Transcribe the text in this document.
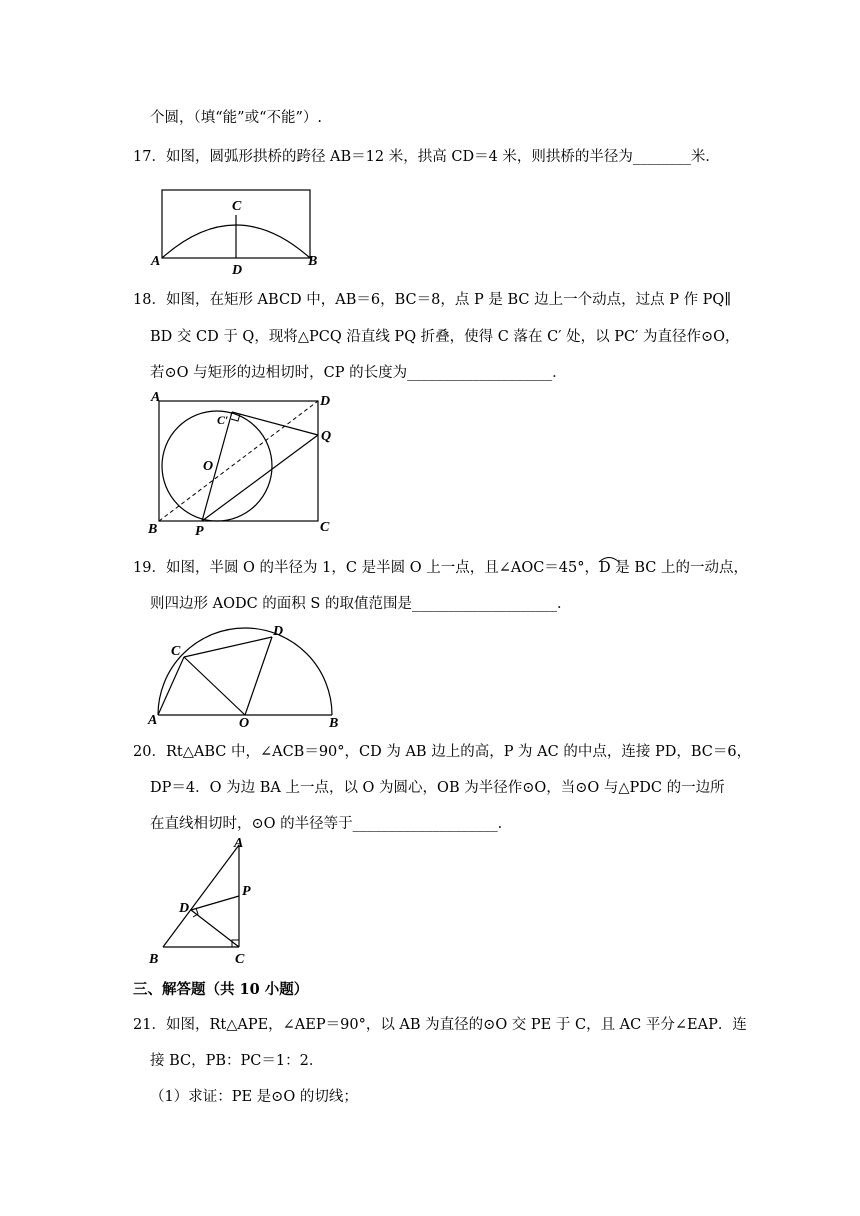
个圆，（填“能”或“不能”）.
17．如图，圆弧形拱桥的跨径 AB＝12 米，拱高 CD＝4 米，则拱桥的半径为________米．
C
A	B
D
18．如图，在矩形 ABCD 中，AB＝6，BC＝8，点 P 是 BC 边上一个动点，过点 P 作 PQ∥
BD 交 CD 于 Q，现将△PCQ 沿直线 PQ 折叠，使得 C 落在 C′ 处，以 PC′ 为直径作⊙O，
若⊙O 与矩形的边相切时，CP 的长度为____________________．
A	D
C′
Q
O
B	P	C
19．如图，半圆 O 的半径为 1，C 是半圆 O 上一点，且∠AOC＝45°，D 是 BC 上的一动点，
则四边形 AODC 的面积 S 的取值范围是____________________．
C
D
A	O	B
20．Rt△ABC 中，∠ACB＝90°，CD 为 AB 边上的高，P 为 AC 的中点，连接 PD，BC＝6，
DP＝4．O 为边 BA 上一点，以 O 为圆心，OB 为半径作⊙O，当⊙O 与△PDC 的一边所
在直线相切时，⊙O 的半径等于____________________．
A
P
D
B	C
三、解答题（共 10 小题）
21．如图，Rt△APE，∠AEP＝90°，以 AB 为直径的⊙O 交 PE 于 C，且 AC 平分∠EAP．连
接 BC，PB：PC＝1：2．
（1）求证：PE 是⊙O 的切线；
